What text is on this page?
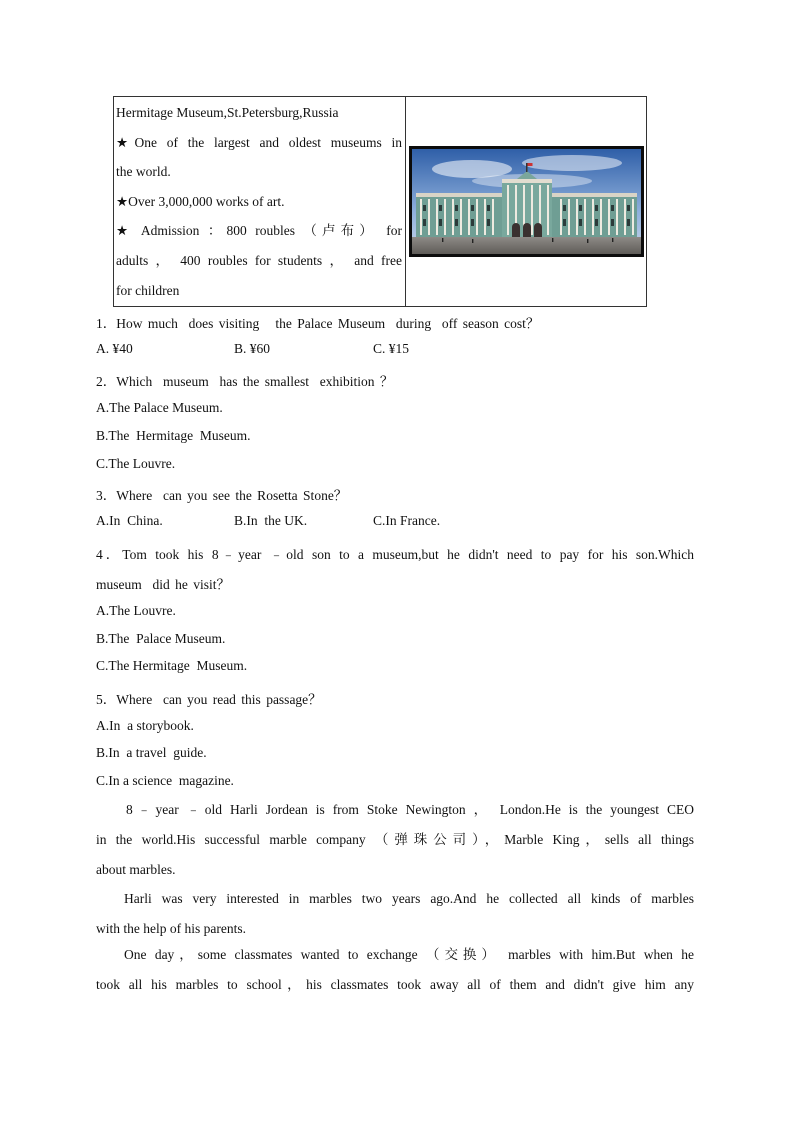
Hermitage Museum,St.Petersburg,Russia
★One of the largest and oldest museums in
the world.
★Over 3,000,000 works of art.
★ Admission ：800 roubles （卢布） for
adults ， 400 roubles for students ， and free
for children
1．How much  does visiting   the Palace Museum  during  off season cost？

A. ¥40

	B. ¥60

	C. ¥15

2．Which  museum  has the smallest  exhibition ？
A.The Palace Museum.
B.The  Hermitage  Museum.
C.The Louvre.
3．Where  can you see the Rosetta Stone？

A.In  China.

	B.In  the UK.

	C.In France.

4．Tom took his 8﹣year ﹣old son to a museum,but he didn't need to pay for his son.Which
museum  did he visit？
A.The Louvre.
B.The  Palace Museum.
C.The Hermitage  Museum.
5．Where  can you read this passage？
A.In  a storybook.
B.In  a travel  guide.
C.In a science  magazine.
8﹣year ﹣old Harli Jordean is from Stoke Newington ， London.He is the youngest CEO
in the world.His successful marble company （弹珠公司），Marble King，sells all things
about marbles.
Harli was very interested in marbles two years ago.And he collected all kinds of marbles
with the help of his parents.
One day，some classmates wanted to exchange （交换） marbles with him.But when he
took all his marbles to school，his classmates took away all of them and didn't give him any
